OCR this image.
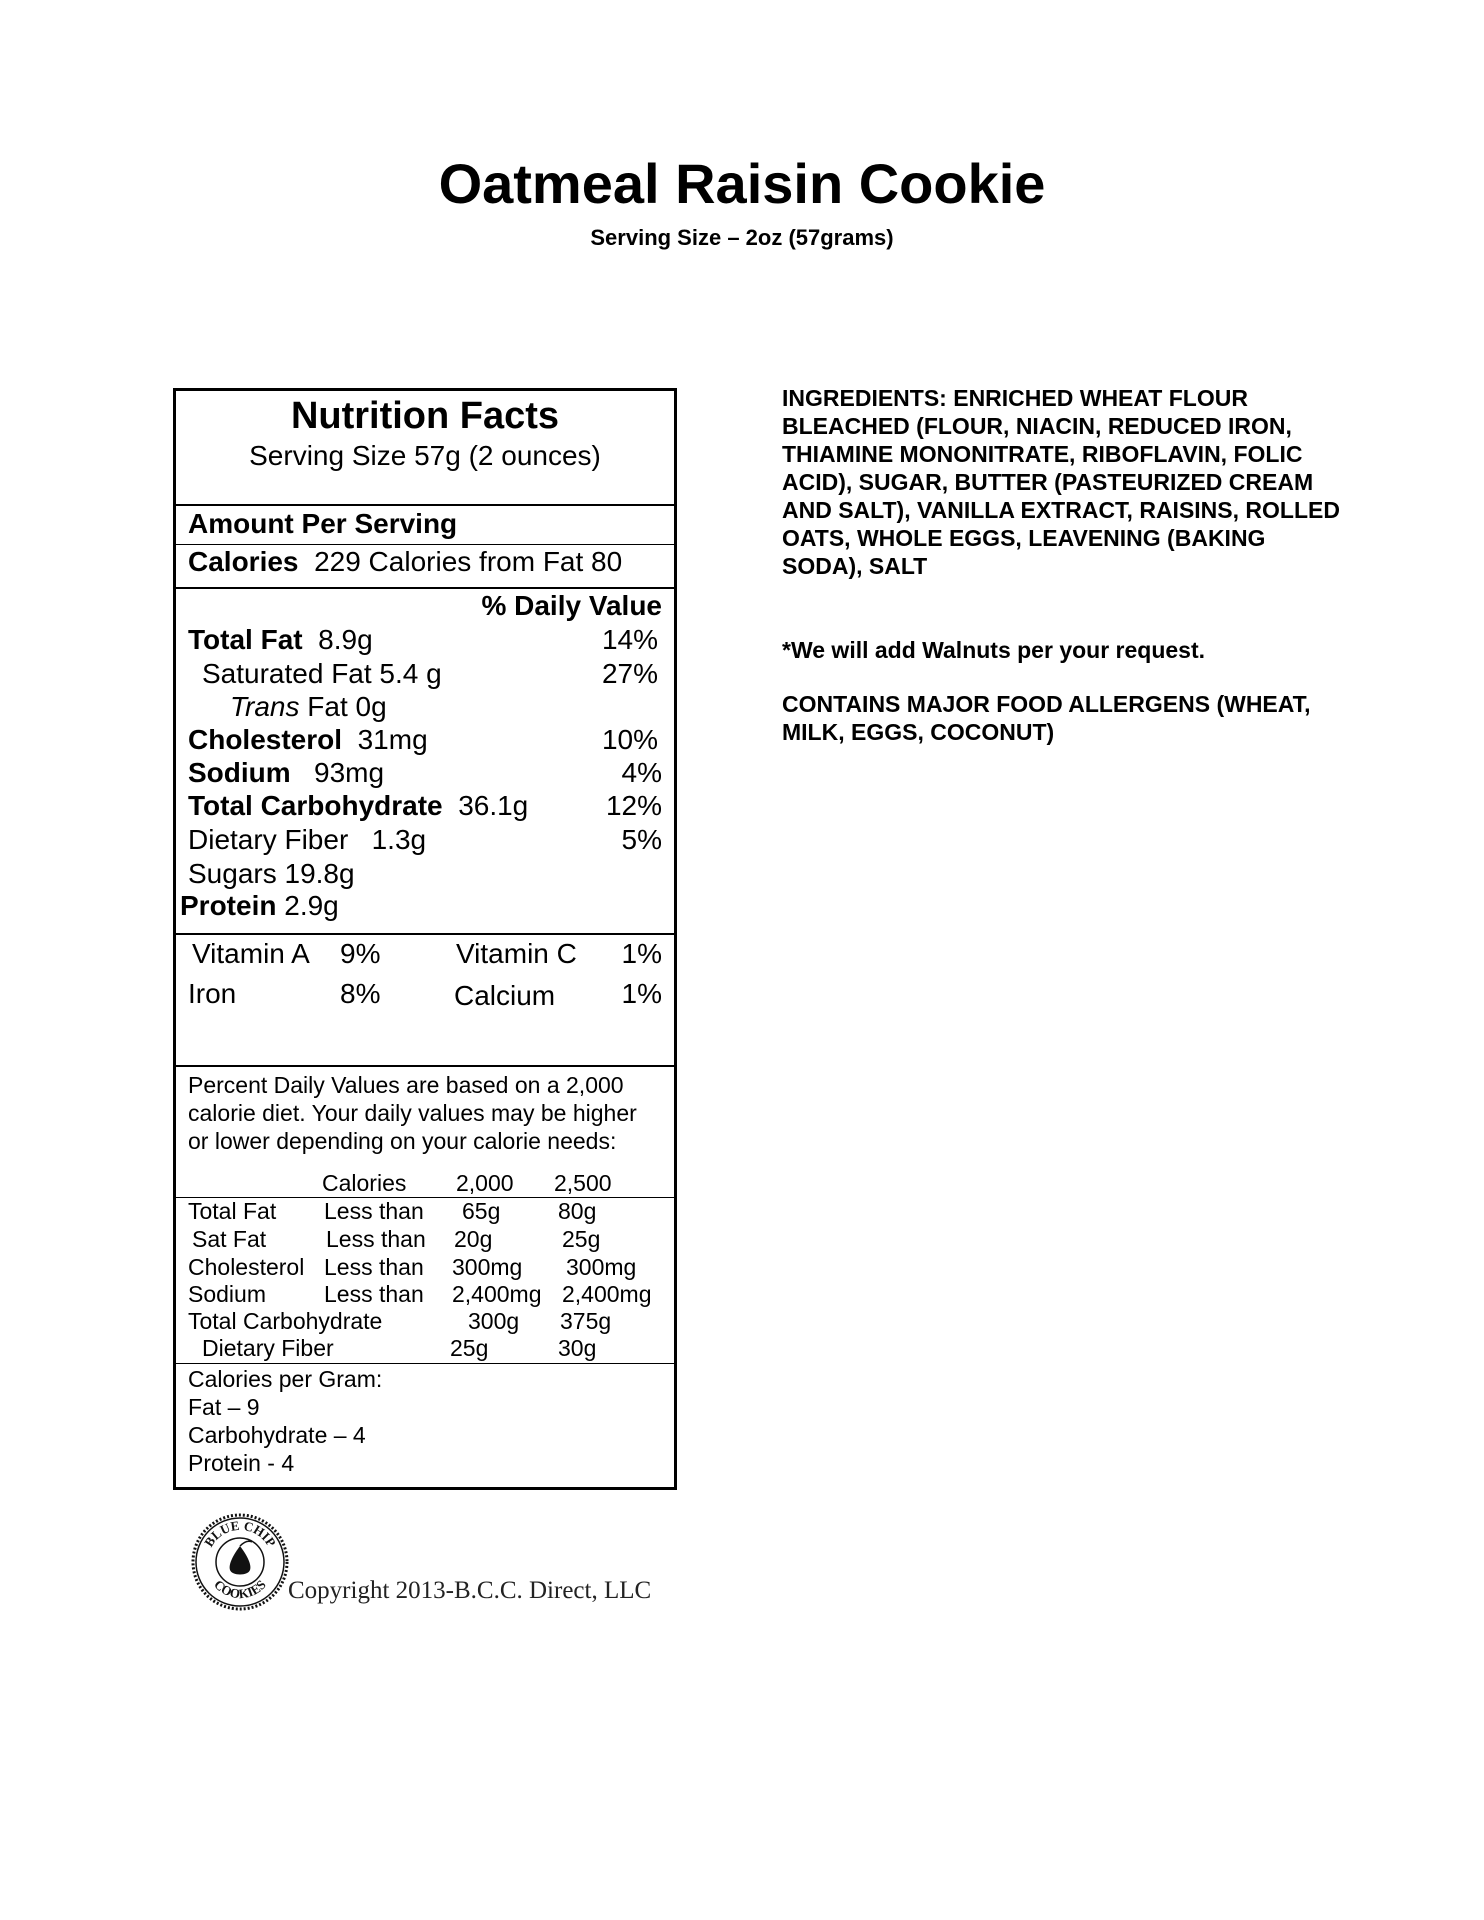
Oatmeal Raisin Cookie
Serving Size – 2oz (57grams)
Nutrition Facts
Serving Size 57g (2 ounces)
Amount Per Serving
Calories 229 Calories from Fat 80
% Daily Value
Total Fat 8.9g	14%
Saturated Fat 5.4 g	27%
Trans Fat 0g
Cholesterol 31mg	10%
Sodium 93mg	4%
Total Carbohydrate 36.1g	12%
Dietary Fiber 1.3g	5%
Sugars 19.8g
Protein 2.9g
Vitamin A 9%	Vitamin C 1%
Iron	8%	Calcium 1%
Percent Daily Values are based on a 2,000 calorie diet. Your daily values may be higher or lower depending on your calorie needs:
Calories 2,000 2,500
Total Fat Less than 65g	80g
Sat Fat	Less than 20g	25g
Cholesterol Less than 300mg 300mg
Sodium	Less than 2,400mg 2,400mg
Total Carbohydrate	300g 375g
Dietary Fiber	25g	30g
Calories per Gram:
Fat – 9
Carbohydrate – 4
Protein - 4
INGREDIENTS: ENRICHED WHEAT FLOUR BLEACHED (FLOUR, NIACIN, REDUCED IRON, THIAMINE MONONITRATE, RIBOFLAVIN, FOLIC ACID), SUGAR, BUTTER (PASTEURIZED CREAM AND SALT), VANILLA EXTRACT, RAISINS, ROLLED OATS, WHOLE EGGS, LEAVENING (BAKING SODA), SALT
*We will add Walnuts per your request.
CONTAINS MAJOR FOOD ALLERGENS (WHEAT, MILK, EGGS, COCONUT)
BLUE CHIP
COOKIES Copyright 2013-B.C.C. Direct, LLC
